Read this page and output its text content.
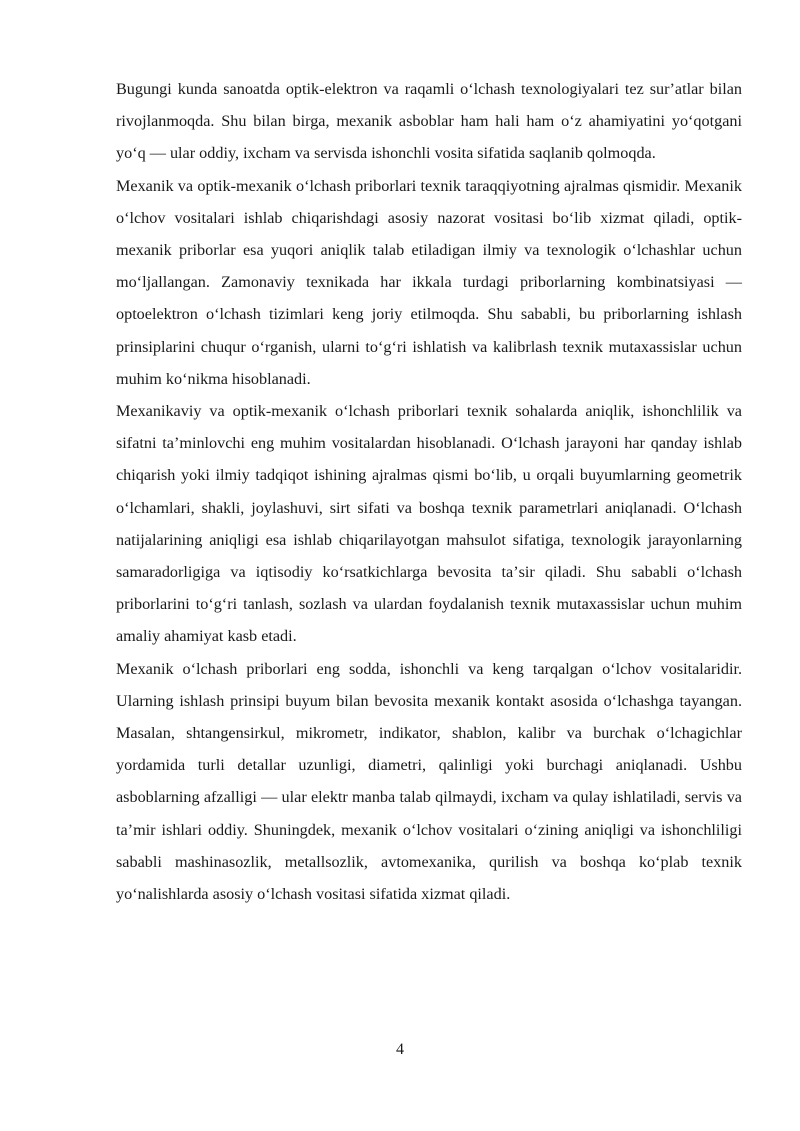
Bugungi kunda sanoatda optik-elektron va raqamli oʻlchash texnologiyalari tez surʼatlar bilan rivojlanmoqda. Shu bilan birga, mexanik asboblar ham hali ham oʻz ahamiyatini yoʻqotgani yoʻq — ular oddiy, ixcham va servisda ishonchli vosita sifatida saqlanib qolmoqda.

Mexanik va optik-mexanik oʻlchash priborlari texnik taraqqiyotning ajralmas qismidir. Mexanik oʻlchov vositalari ishlab chiqarishdagi asosiy nazorat vositasi boʻlib xizmat qiladi, optik-mexanik priborlar esa yuqori aniqlik talab etiladigan ilmiy va texnologik oʻlchashlar uchun moʻljallangan. Zamonaviy texnikada har ikkala turdagi priborlarning kombinatsiyasi — optoelektron oʻlchash tizimlari keng joriy etilmoqda. Shu sababli, bu priborlarning ishlash prinsiplarini chuqur oʻrganish, ularni toʻgʻri ishlatish va kalibrlash texnik mutaxassislar uchun muhim koʻnikma hisoblanadi.

Mexanikaviy va optik-mexanik oʻlchash priborlari texnik sohalarda aniqlik, ishonchlilik va sifatni taʼminlovchi eng muhim vositalardan hisoblanadi. Oʻlchash jarayoni har qanday ishlab chiqarish yoki ilmiy tadqiqot ishining ajralmas qismi boʻlib, u orqali buyumlarning geometrik oʻlchamlari, shakli, joylashuvi, sirt sifati va boshqa texnik parametrlari aniqlanadi. Oʻlchash natijalarining aniqligi esa ishlab chiqarilayotgan mahsulot sifatiga, texnologik jarayonlarning samaradorligiga va iqtisodiy koʻrsatkichlarga bevosita taʼsir qiladi. Shu sababli oʻlchash priborlarini toʻgʻri tanlash, sozlash va ulardan foydalanish texnik mutaxassislar uchun muhim amaliy ahamiyat kasb etadi.

Mexanik oʻlchash priborlari eng sodda, ishonchli va keng tarqalgan oʻlchov vositalaridir. Ularning ishlash prinsipi buyum bilan bevosita mexanik kontakt asosida oʻlchashga tayangan. Masalan, shtangensirkul, mikrometr, indikator, shablon, kalibr va burchak oʻlchagichlar yordamida turli detallar uzunligi, diametri, qalinligi yoki burchagi aniqlanadi. Ushbu asboblarning afzalligi — ular elektr manba talab qilmaydi, ixcham va qulay ishlatiladi, servis va taʼmir ishlari oddiy. Shuningdek, mexanik oʻlchov vositalari oʻzining aniqligi va ishonchliligi sababli mashinasozlik, metallsozlik, avtomexanika, qurilish va boshqa koʻplab texnik yoʻnalishlarda asosiy oʻlchash vositasi sifatida xizmat qiladi.

4
